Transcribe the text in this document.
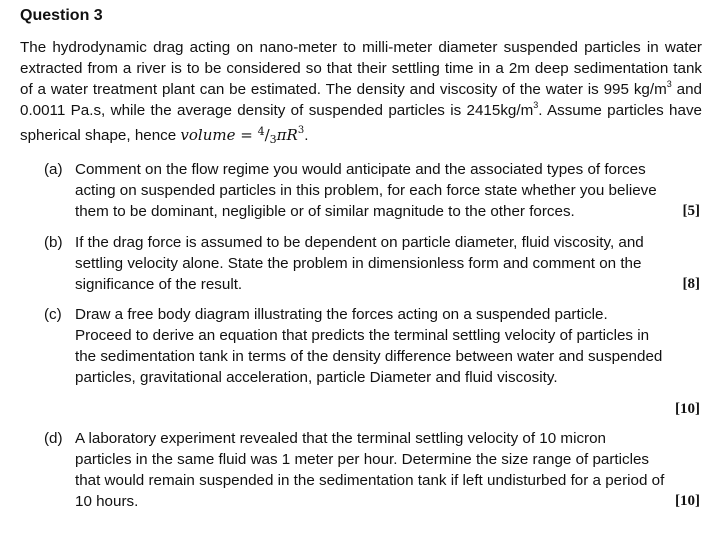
Question 3
The hydrodynamic drag acting on nano-meter to milli-meter diameter suspended particles in water extracted from a river is to be considered so that their settling time in a 2m deep sedimentation tank of a water treatment plant can be estimated. The density and viscosity of the water is 995 $kg/m^3$ and 0.0011 Pa.s, while the average density of suspended particles is $2415kg/m^3$. Assume particles have spherical shape, hence volume = $^4/3\pi R^3$.
(a) Comment on the flow regime you would anticipate and the associated types of forces acting on suspended particles in this problem, for each force state whether you believe them to be dominant, negligible or of similar magnitude to the other forces.	[5]
(b) If the drag force is assumed to be dependent on particle diameter, fluid viscosity, and settling velocity alone. State the problem in dimensionless form and comment on the significance of the result.	[8]
(c) Draw a free body diagram illustrating the forces acting on a suspended particle. Proceed to derive an equation that predicts the terminal settling velocity of particles in the sedimentation tank in terms of the density difference between water and suspended particles, gravitational acceleration, particle Diameter and fluid viscosity.
[10]
(d) A laboratory experiment revealed that the terminal settling velocity of 10 micron particles in the same fluid was 1 meter per hour. Determine the size range of particles that would remain suspended in the sedimentation tank if left undisturbed for a period of 10 hours.	[10]
